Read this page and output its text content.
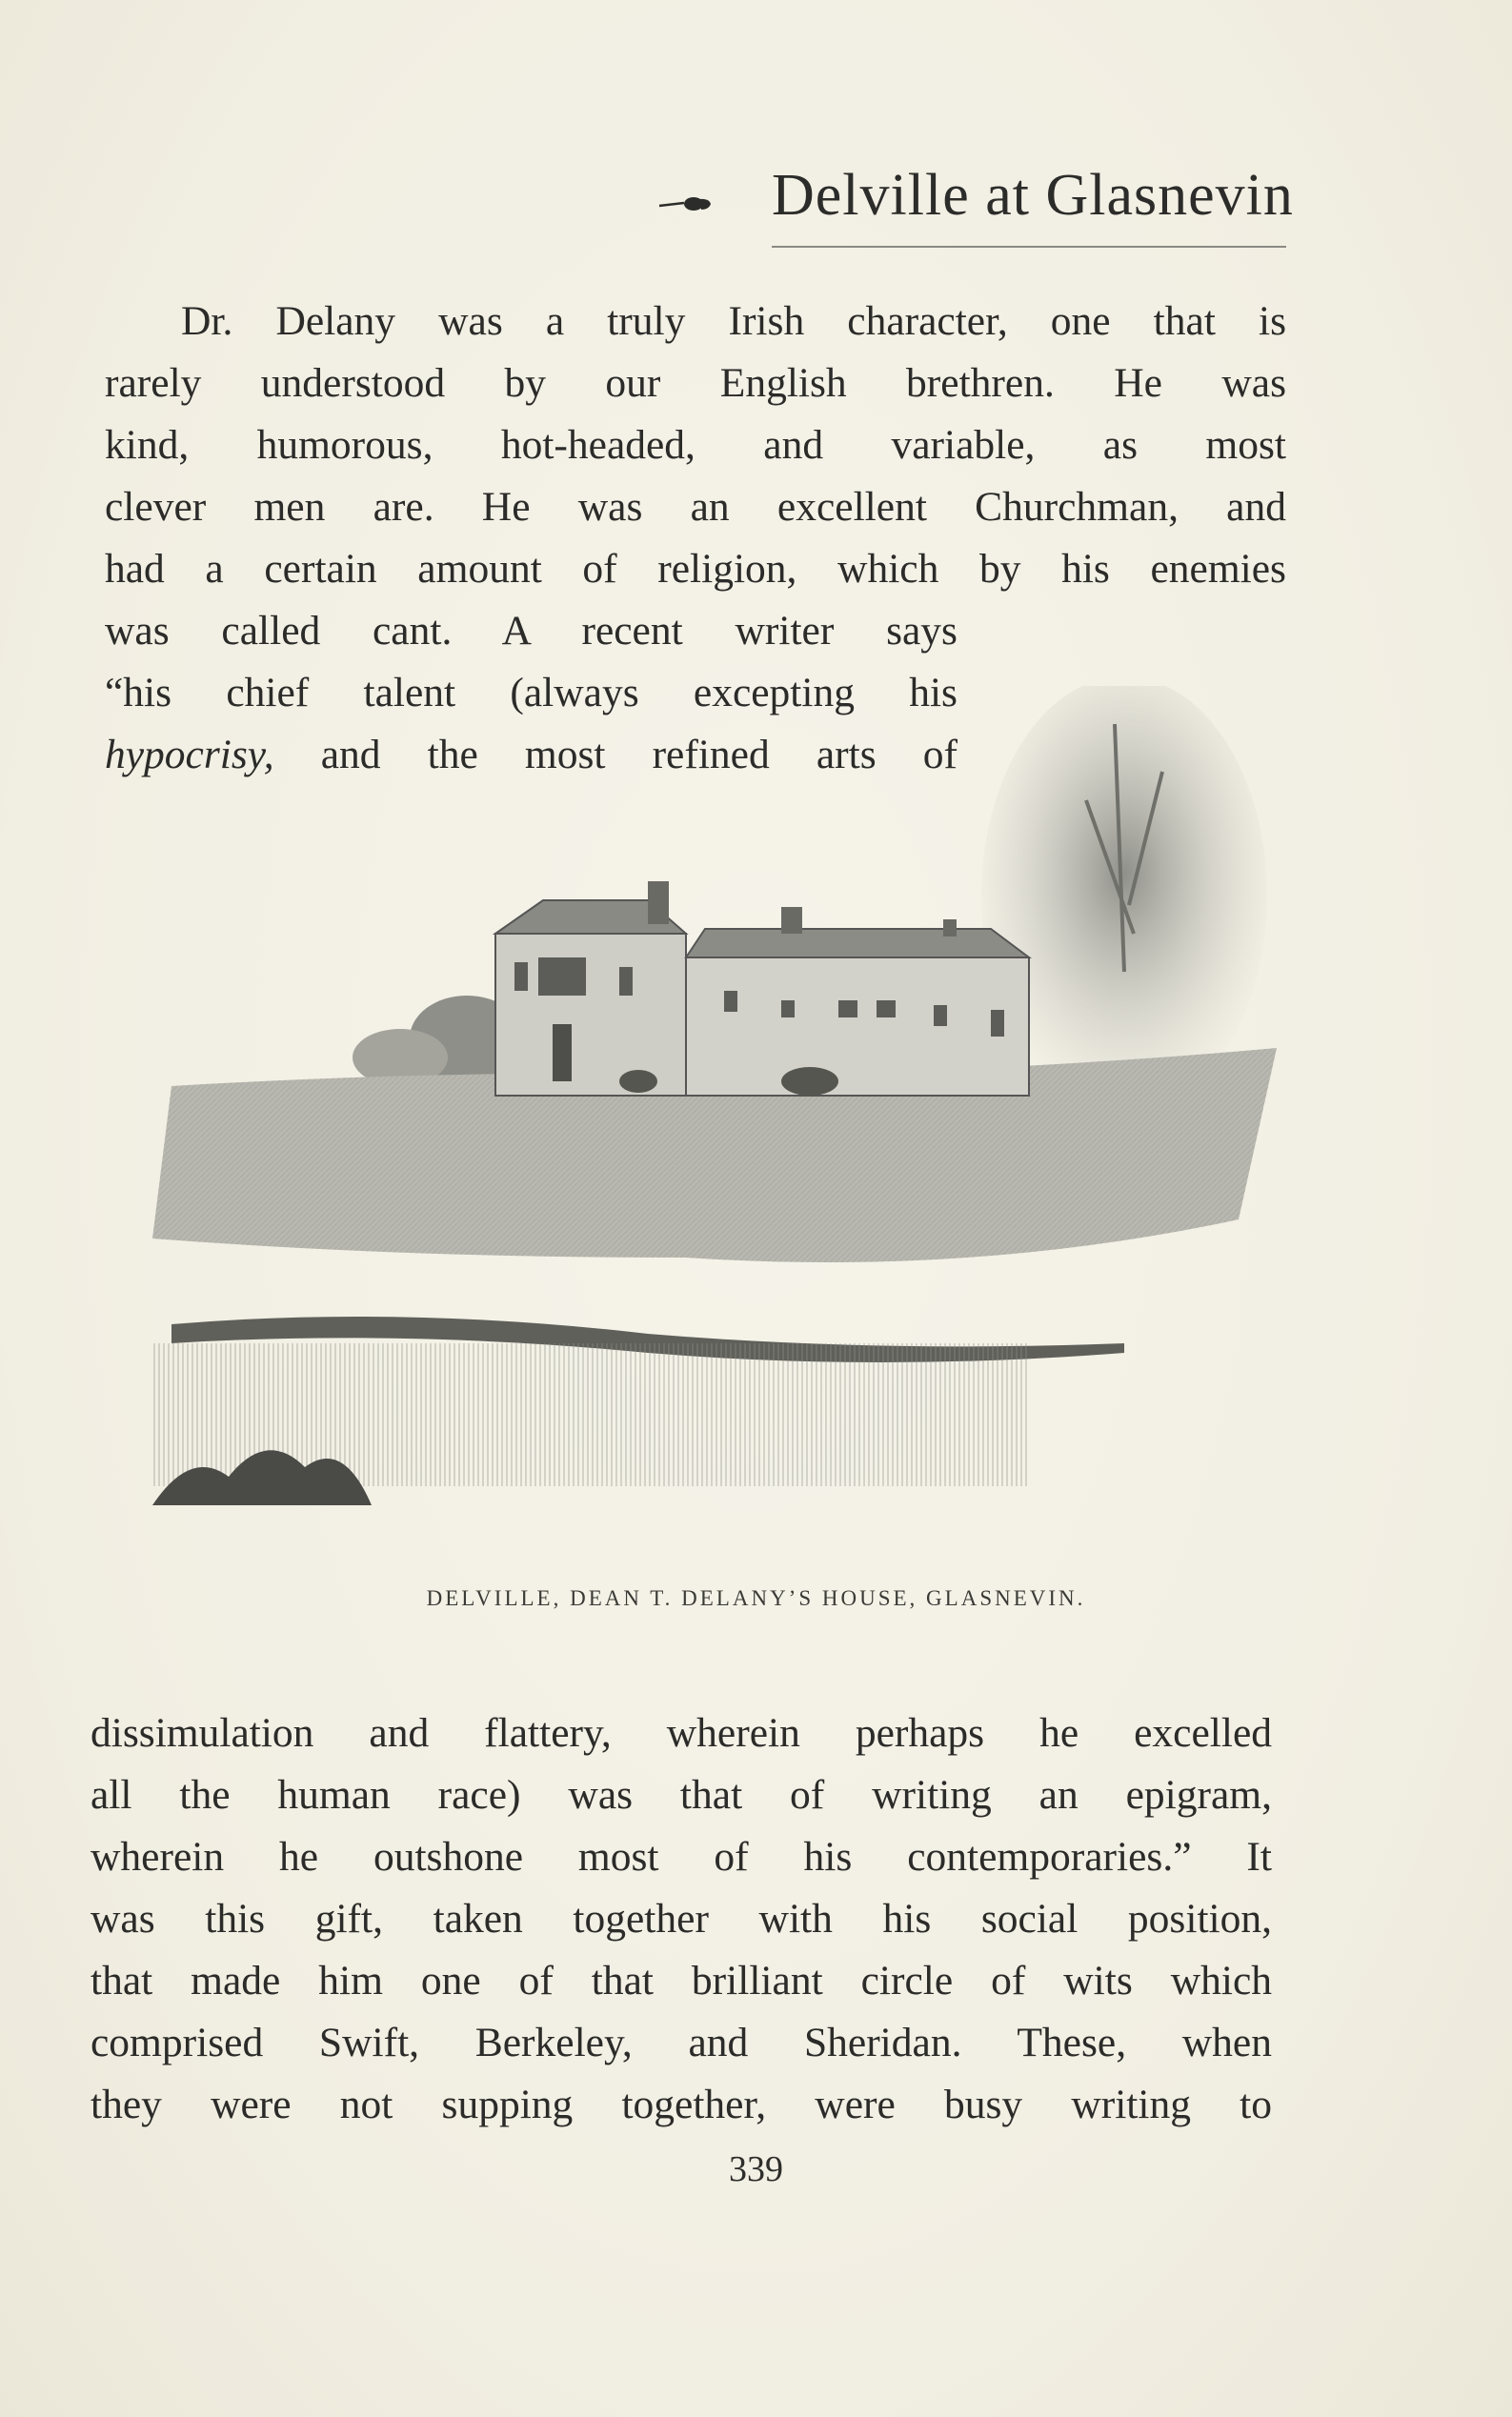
Delville at Glasnevin
Dr. Delany was a truly Irish character, one that is
rarely understood by our English brethren. He was
kind, humorous, hot-headed, and variable, as most
clever men are. He was an excellent Churchman, and
had a certain amount of religion, which by his enemies
was called cant. A recent writer says
“his chief talent (always excepting his
hypocrisy, and the most refined arts of
DELVILLE, DEAN T. DELANY’S HOUSE, GLASNEVIN.
dissimulation and flattery, wherein perhaps he excelled
all the human race) was that of writing an epigram,
wherein he outshone most of his contemporaries.” It
was this gift, taken together with his social position,
that made him one of that brilliant circle of wits which
comprised Swift, Berkeley, and Sheridan. These, when
they were not supping together, were busy writing to
339
